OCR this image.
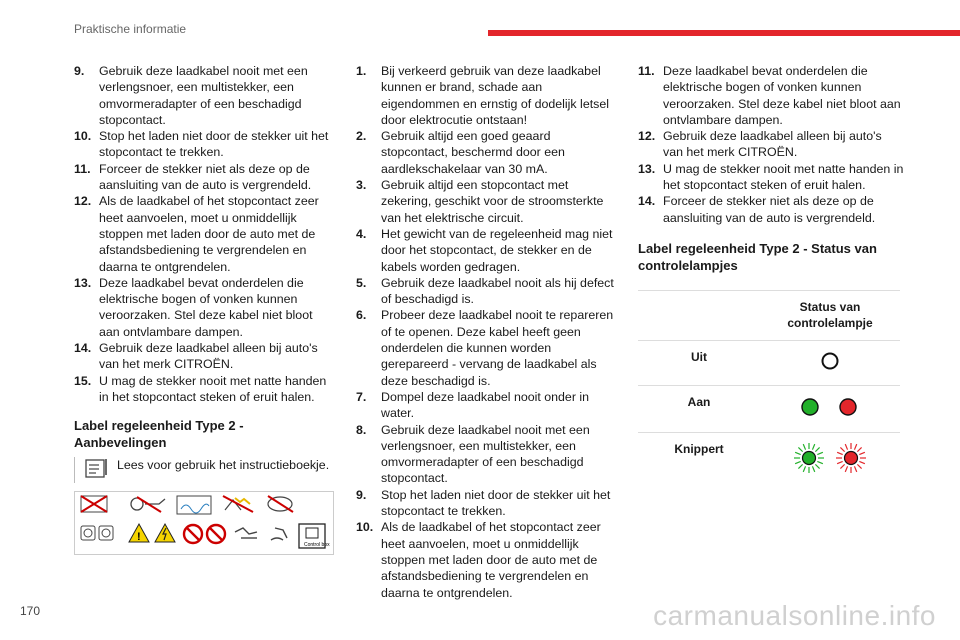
Praktische informatie
9.	Gebruik deze laadkabel nooit met een verlengsnoer, een multistekker, een omvormeradapter of een beschadigd stopcontact.
10. Stop het laden niet door de stekker uit het stopcontact te trekken.
11. Forceer de stekker niet als deze op de aansluiting van de auto is vergrendeld.
12. Als de laadkabel of het stopcontact zeer heet aanvoelen, moet u onmiddellijk stoppen met laden door de auto met de afstandsbediening te vergrendelen en daarna te ontgrendelen.
13. Deze laadkabel bevat onderdelen die elektrische bogen of vonken kunnen veroorzaken. Stel deze kabel niet bloot aan ontvlambare dampen.
14. Gebruik deze laadkabel alleen bij auto's van het merk CITROËN.
15. U mag de stekker nooit met natte handen in het stopcontact steken of eruit halen.
Label regeleenheid Type 2 - Aanbevelingen
Lees voor gebruik het instructieboekje.
!
Control box
1.	Bij verkeerd gebruik van deze laadkabel kunnen er brand, schade aan eigendommen en ernstig of dodelijk letsel door elektrocutie ontstaan!
2.	Gebruik altijd een goed geaard stopcontact, beschermd door een aardlekschakelaar van 30 mA.
3.	Gebruik altijd een stopcontact met zekering, geschikt voor de stroomsterkte van het elektrische circuit.
4.	Het gewicht van de regeleenheid mag niet door het stopcontact, de stekker en de kabels worden gedragen.
5.	Gebruik deze laadkabel nooit als hij defect of beschadigd is.
6.	Probeer deze laadkabel nooit te repareren of te openen. Deze kabel heeft geen onderdelen die kunnen worden gerepareerd - vervang de laadkabel als deze beschadigd is.
7.	Dompel deze laadkabel nooit onder in water.
8.	Gebruik deze laadkabel nooit met een verlengsnoer, een multistekker, een omvormeradapter of een beschadigd stopcontact.
9.	Stop het laden niet door de stekker uit het stopcontact te trekken.
10. Als de laadkabel of het stopcontact zeer heet aanvoelen, moet u onmiddellijk stoppen met laden door de auto met de afstandsbediening te vergrendelen en daarna te ontgrendelen.
11. Deze laadkabel bevat onderdelen die elektrische bogen of vonken kunnen veroorzaken. Stel deze kabel niet bloot aan ontvlambare dampen.
12. Gebruik deze laadkabel alleen bij auto's van het merk CITROËN.
13. U mag de stekker nooit met natte handen in het stopcontact steken of eruit halen.
14. Forceer de stekker niet als deze op de aansluiting van de auto is vergrendeld.
Label regeleenheid Type 2 - Status van controlelampjes
	Status van controlelampje
Uit	
Aan	
Knippert	
170	carmanualsonline.info
